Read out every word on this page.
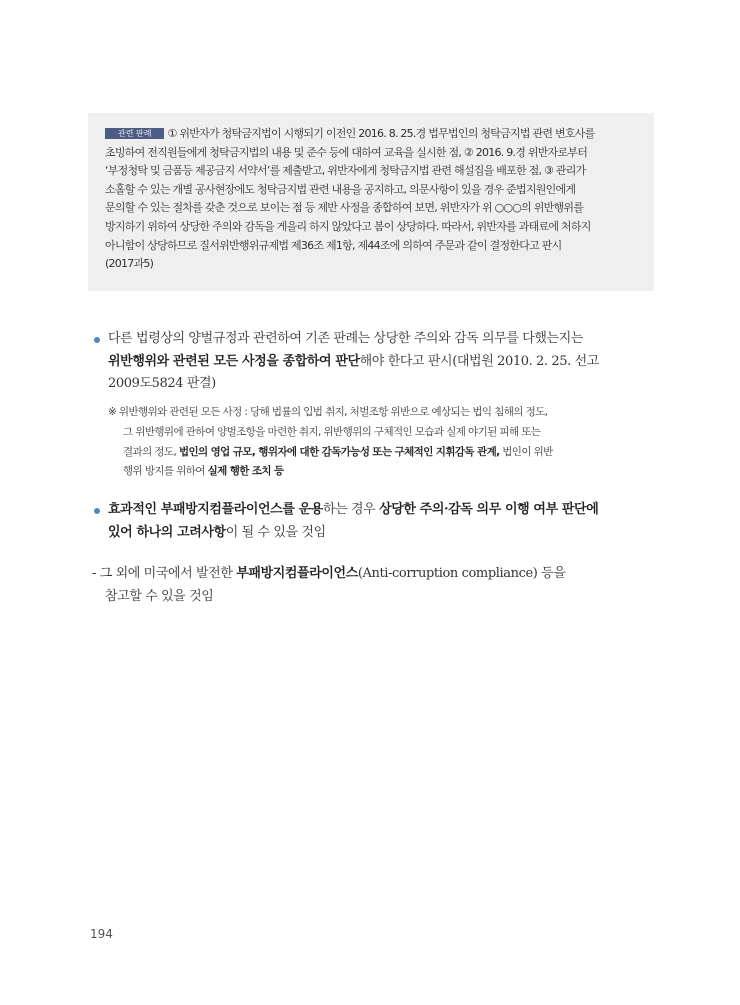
관련 판례 ① 위반자가 청탁금지법이 시행되기 이전인 2016. 8. 25.경 법무법인의 청탁금지법 관련 변호사를
초빙하여 전직원들에게 청탁금지법의 내용 및 준수 등에 대하여 교육을 실시한 점, ② 2016. 9.경 위반자로부터
‘부정청탁 및 금품등 제공금지 서약서’를 제출받고, 위반자에게 청탁금지법 관련 해설집을 배포한 점, ③ 관리가
소홀할 수 있는 개별 공사현장에도 청탁금지법 관련 내용을 공지하고, 의문사항이 있을 경우 준법지원인에게
문의할 수 있는 절차를 갖춘 것으로 보이는 점 등 제반 사정을 종합하여 보면, 위반자가 위 ○○○의 위반행위를
방지하기 위하여 상당한 주의와 감독을 게을리 하지 않았다고 봄이 상당하다. 따라서, 위반자를 과태료에 처하지
아니함이 상당하므로 질서위반행위규제법 제36조 제1항, 제44조에 의하여 주문과 같이 결정한다고 판시
(2017과5)
다른 법령상의 양벌규정과 관련하여 기존 판례는 상당한 주의와 감독 의무를 다했는지는
위반행위와 관련된 모든 사정을 종합하여 판단해야 한다고 판시(대법원 2010. 2. 25. 선고
2009도5824 판결)
※ 위반행위와 관련된 모든 사정 : 당해 법률의 입법 취지, 처벌조항 위반으로 예상되는 법익 침해의 정도,
그 위반행위에 관하여 양벌조항을 마련한 취지, 위반행위의 구체적인 모습과 실제 야기된 피해 또는
결과의 정도, 법인의 영업 규모, 행위자에 대한 감독가능성 또는 구체적인 지휘감독 관계, 법인이 위반
행위 방지를 위하여 실제 행한 조치 등
효과적인 부패방지컴플라이언스를 운용하는 경우 상당한 주의·감독 의무 이행 여부 판단에
있어 하나의 고려사항이 될 수 있을 것임
- 그 외에 미국에서 발전한 부패방지컴플라이언스(Anti-corruption compliance) 등을
참고할 수 있을 것임
194
